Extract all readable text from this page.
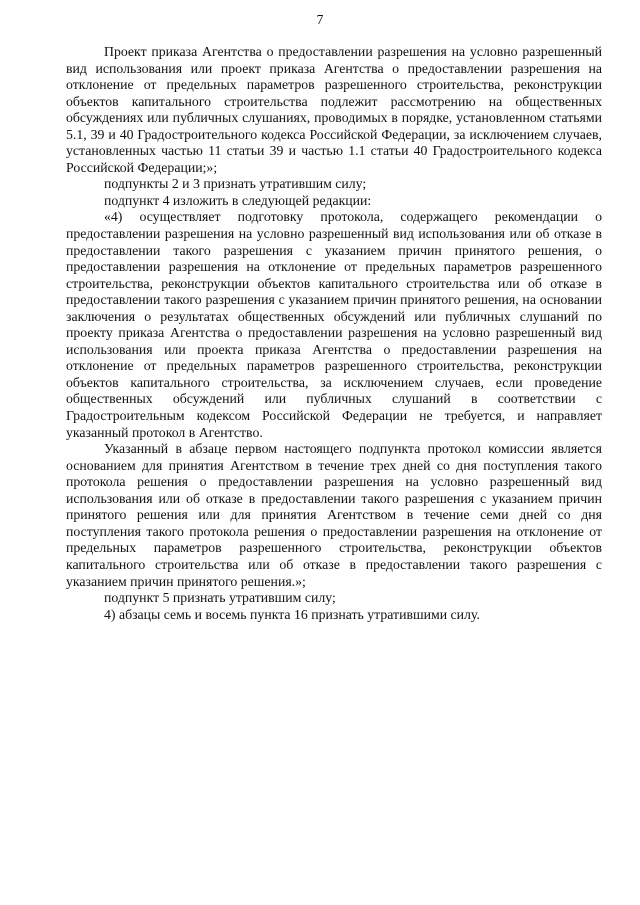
7

Проект приказа Агентства о предоставлении разрешения на условно разрешенный вид использования или проект приказа Агентства о предоставлении разрешения на отклонение от предельных параметров разрешенного строительства, реконструкции объектов капитального строительства подлежит рассмотрению на общественных обсуждениях или публичных слушаниях, проводимых в порядке, установленном статьями 5.1, 39 и 40 Градостроительного кодекса Российской Федерации, за исключением случаев, установленных частью 11 статьи 39 и частью 1.1 статьи 40 Градостроительного кодекса Российской Федерации;»;

подпункты 2 и 3 признать утратившим силу;

подпункт 4 изложить в следующей редакции:

«4) осуществляет подготовку протокола, содержащего рекомендации о предоставлении разрешения на условно разрешенный вид использования или об отказе в предоставлении такого разрешения с указанием причин принятого решения, о предоставлении разрешения на отклонение от предельных параметров разрешенного строительства, реконструкции объектов капитального строительства или об отказе в предоставлении такого разрешения с указанием причин принятого решения, на основании заключения о результатах общественных обсуждений или публичных слушаний по проекту приказа Агентства о предоставлении разрешения на условно разрешенный вид использования или проекта приказа Агентства о предоставлении разрешения на отклонение от предельных параметров разрешенного строительства, реконструкции объектов капитального строительства, за исключением случаев, если проведение общественных обсуждений или публичных слушаний в соответствии с Градостроительным кодексом Российской Федерации не требуется, и направляет указанный протокол в Агентство.

Указанный в абзаце первом настоящего подпункта протокол комиссии является основанием для принятия Агентством в течение трех дней со дня поступления такого протокола решения о предоставлении разрешения на условно разрешенный вид использования или об отказе в предоставлении такого разрешения с указанием причин принятого решения или для принятия Агентством в течение семи дней со дня поступления такого протокола решения о предоставлении разрешения на отклонение от предельных параметров разрешенного строительства, реконструкции объектов капитального строительства или об отказе в предоставлении такого разрешения с указанием причин принятого решения.»;

подпункт 5 признать утратившим силу;

4) абзацы семь и восемь пункта 16 признать утратившими силу.
